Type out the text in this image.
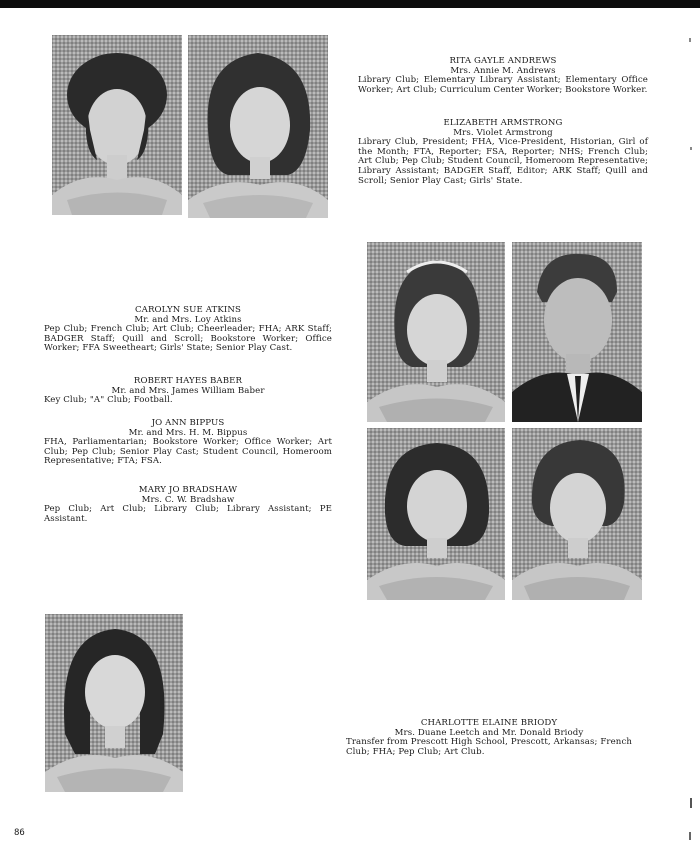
RITA GAYLE ANDREWS
Mrs. Annie M. Andrews
Library Club; Elementary Library Assistant; Elementary Office Worker; Art Club; Curriculum Center Worker; Bookstore Worker.
ELIZABETH ARMSTRONG
Mrs. Violet Armstrong
Library Club, President; FHA, Vice-President, Historian, Girl of the Month; FTA, Reporter; FSA, Reporter; NHS; French Club; Art Club; Pep Club; Student Council, Homeroom Representative; Library Assistant; BADGER Staff, Editor; ARK Staff; Quill and Scroll; Senior Play Cast; Girls' State.
CAROLYN SUE ATKINS
Mr. and Mrs. Loy Atkins
Pep Club; French Club; Art Club; Cheerleader; FHA; ARK Staff; BADGER Staff; Quill and Scroll; Bookstore Worker; Office Worker; FFA Sweetheart; Girls' State; Senior Play Cast.
ROBERT HAYES BABER
Mr. and Mrs. James William Baber
Key Club; "A" Club; Football.
JO ANN BIPPUS
Mr. and Mrs. H. M. Bippus
FHA, Parliamentarian; Bookstore Worker; Office Worker; Art Club; Pep Club; Senior Play Cast; Student Council, Homeroom Representative; FTA; FSA.
MARY JO BRADSHAW
Mrs. C. W. Bradshaw
Pep Club; Art Club; Library Club; Library Assistant; PE Assistant.
CHARLOTTE ELAINE BRIODY
Mrs. Duane Leetch and Mr. Donald Briody
Transfer from Prescott High School, Prescott, Arkansas; French Club; FHA; Pep Club; Art Club.
86
